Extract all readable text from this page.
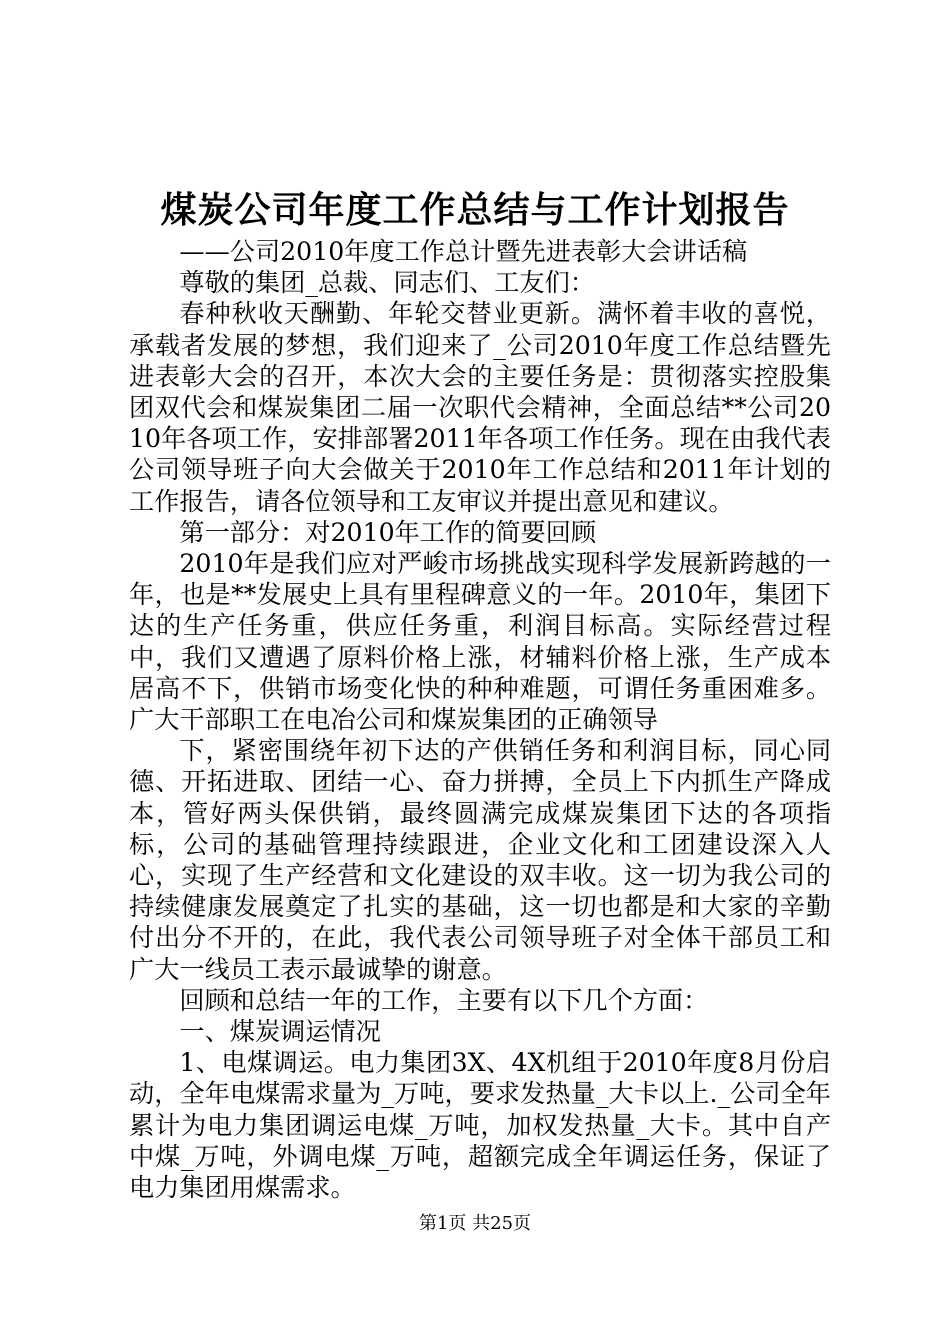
煤炭公司年度工作总结与工作计划报告

——公司2010年度工作总计暨先进表彰大会讲话稿

尊敬的集团_总裁、同志们、工友们：

春种秋收天酬勤、年轮交替业更新。满怀着丰收的喜悦，承载者发展的梦想，我们迎来了_公司2010年度工作总结暨先进表彰大会的召开，本次大会的主要任务是：贯彻落实控股集团双代会和煤炭集团二届一次职代会精神，全面总结**公司2010年各项工作，安排部署2011年各项工作任务。现在由我代表公司领导班子向大会做关于2010年工作总结和2011年计划的工作报告，请各位领导和工友审议并提出意见和建议。

第一部分：对2010年工作的简要回顾

2010年是我们应对严峻市场挑战实现科学发展新跨越的一年，也是**发展史上具有里程碑意义的一年。2010年，集团下达的生产任务重，供应任务重，利润目标高。实际经营过程中，我们又遭遇了原料价格上涨，材辅料价格上涨，生产成本居高不下，供销市场变化快的种种难题，可谓任务重困难多。广大干部职工在电冶公司和煤炭集团的正确领导

下，紧密围绕年初下达的产供销任务和利润目标，同心同德、开拓进取、团结一心、奋力拼搏，全员上下内抓生产降成本，管好两头保供销，最终圆满完成煤炭集团下达的各项指标，公司的基础管理持续跟进，企业文化和工团建设深入人心，实现了生产经营和文化建设的双丰收。这一切为我公司的持续健康发展奠定了扎实的基础，这一切也都是和大家的辛勤付出分不开的，在此，我代表公司领导班子对全体干部员工和广大一线员工表示最诚挚的谢意。

回顾和总结一年的工作，主要有以下几个方面：

一、煤炭调运情况

1、电煤调运。电力集团3X、4X机组于2010年度8月份启动，全年电煤需求量为_万吨，要求发热量_大卡以上._公司全年累计为电力集团调运电煤_万吨，加权发热量_大卡。其中自产中煤_万吨，外调电煤_万吨，超额完成全年调运任务，保证了电力集团用煤需求。

第1页 共25页
